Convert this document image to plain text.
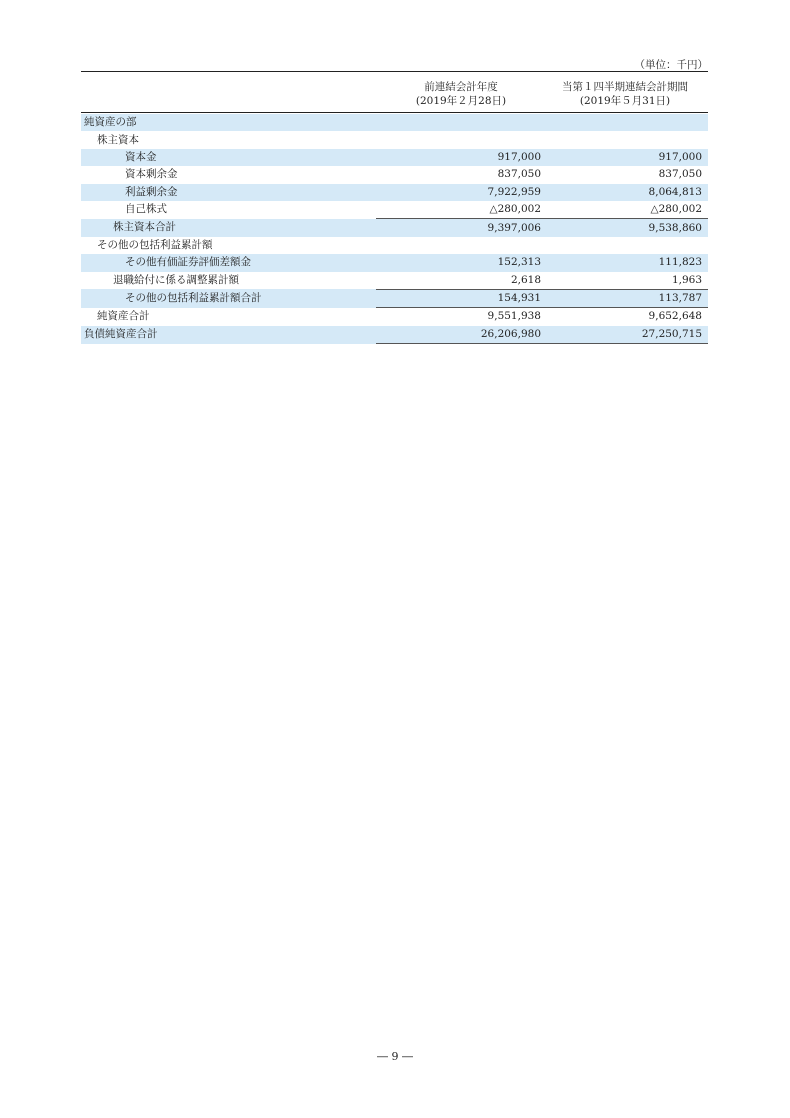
（単位：千円）
前連結会計年度
(2019年２月28日)
当第１四半期連結会計期間
(2019年５月31日)
純資産の部		
株主資本		
資本金	917,000	917,000
資本剰余金	837,050	837,050
利益剰余金	7,922,959	8,064,813
自己株式	△280,002	△280,002
株主資本合計	9,397,006	9,538,860
その他の包括利益累計額		
その他有価証券評価差額金	152,313	111,823
退職給付に係る調整累計額	2,618	1,963
その他の包括利益累計額合計	154,931	113,787
純資産合計	9,551,938	9,652,648
負債純資産合計	26,206,980	27,250,715
― 9 ―
